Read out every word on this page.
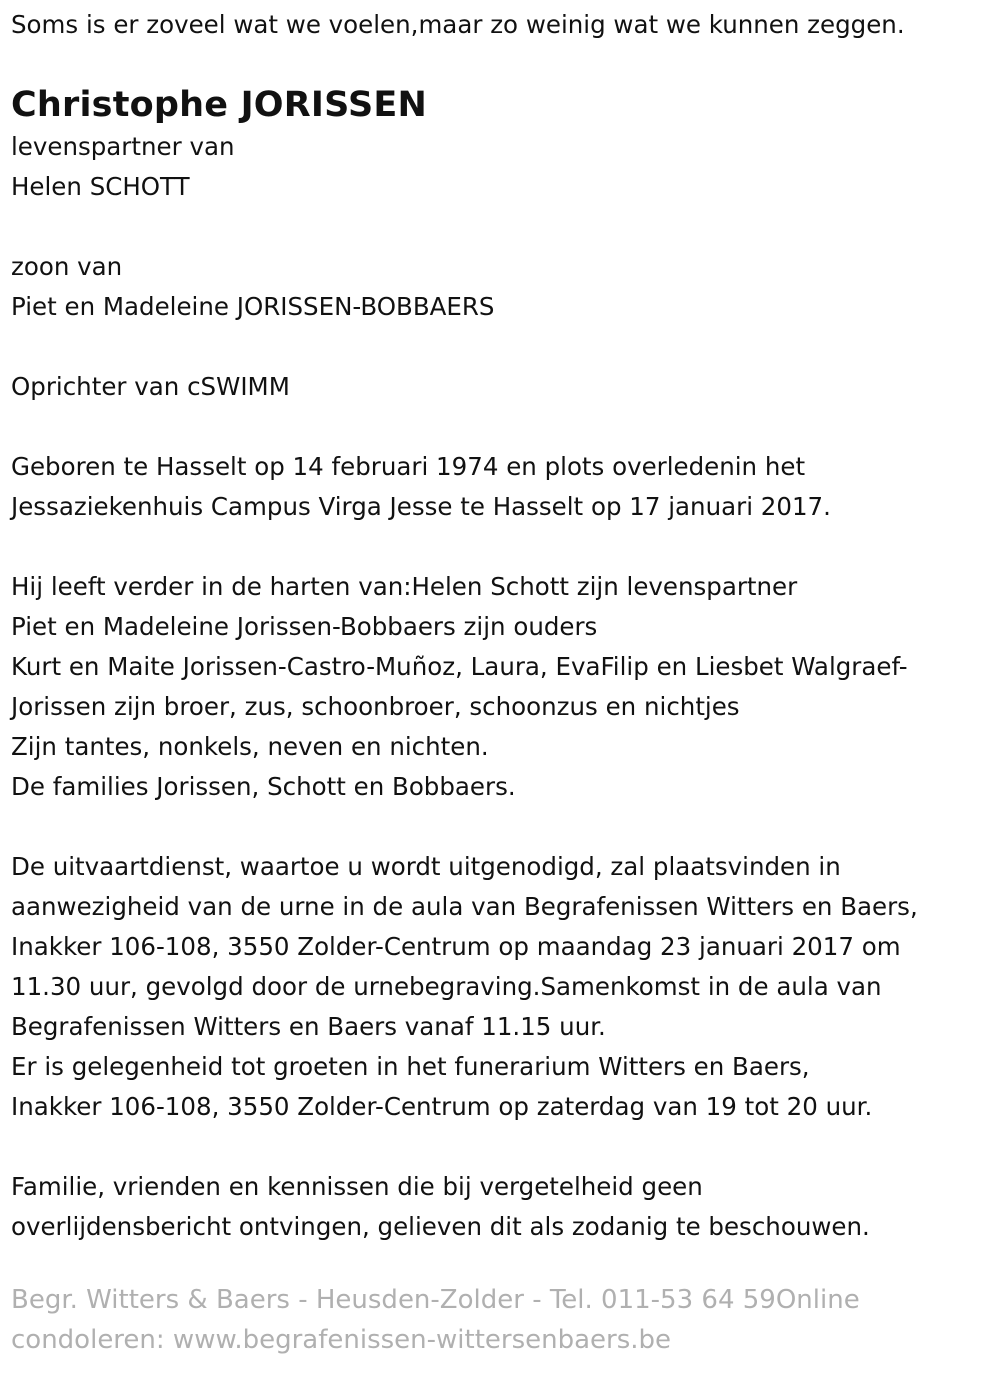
Soms is er zoveel wat we voelen,maar zo weinig wat we kunnen zeggen.
Christophe JORISSEN
levenspartner van
Helen SCHOTT
zoon van
Piet en Madeleine JORISSEN-BOBBAERS
Oprichter van cSWIMM
Geboren te Hasselt op 14 februari 1974 en plots overledenin het
Jessaziekenhuis Campus Virga Jesse te Hasselt op 17 januari 2017.
Hij leeft verder in de harten van:Helen Schott zijn levenspartner
Piet en Madeleine Jorissen-Bobbaers zijn ouders
Kurt en Maite Jorissen-Castro-Muñoz, Laura, EvaFilip en Liesbet Walgraef-
Jorissen zijn broer, zus, schoonbroer, schoonzus en nichtjes
Zijn tantes, nonkels, neven en nichten.
De families Jorissen, Schott en Bobbaers.
De uitvaartdienst, waartoe u wordt uitgenodigd, zal plaatsvinden in
aanwezigheid van de urne in de aula van Begrafenissen Witters en Baers,
Inakker 106-108, 3550 Zolder-Centrum op maandag 23 januari 2017 om
11.30 uur, gevolgd door de urnebegraving.Samenkomst in de aula van
Begrafenissen Witters en Baers vanaf 11.15 uur.
Er is gelegenheid tot groeten in het funerarium Witters en Baers,
Inakker 106-108, 3550 Zolder-Centrum op zaterdag van 19 tot 20 uur.
Familie, vrienden en kennissen die bij vergetelheid geen
overlijdensbericht ontvingen, gelieven dit als zodanig te beschouwen.
Begr. Witters & Baers - Heusden-Zolder - Tel. 011-53 64 59Online
condoleren: www.begrafenissen-wittersenbaers.be
